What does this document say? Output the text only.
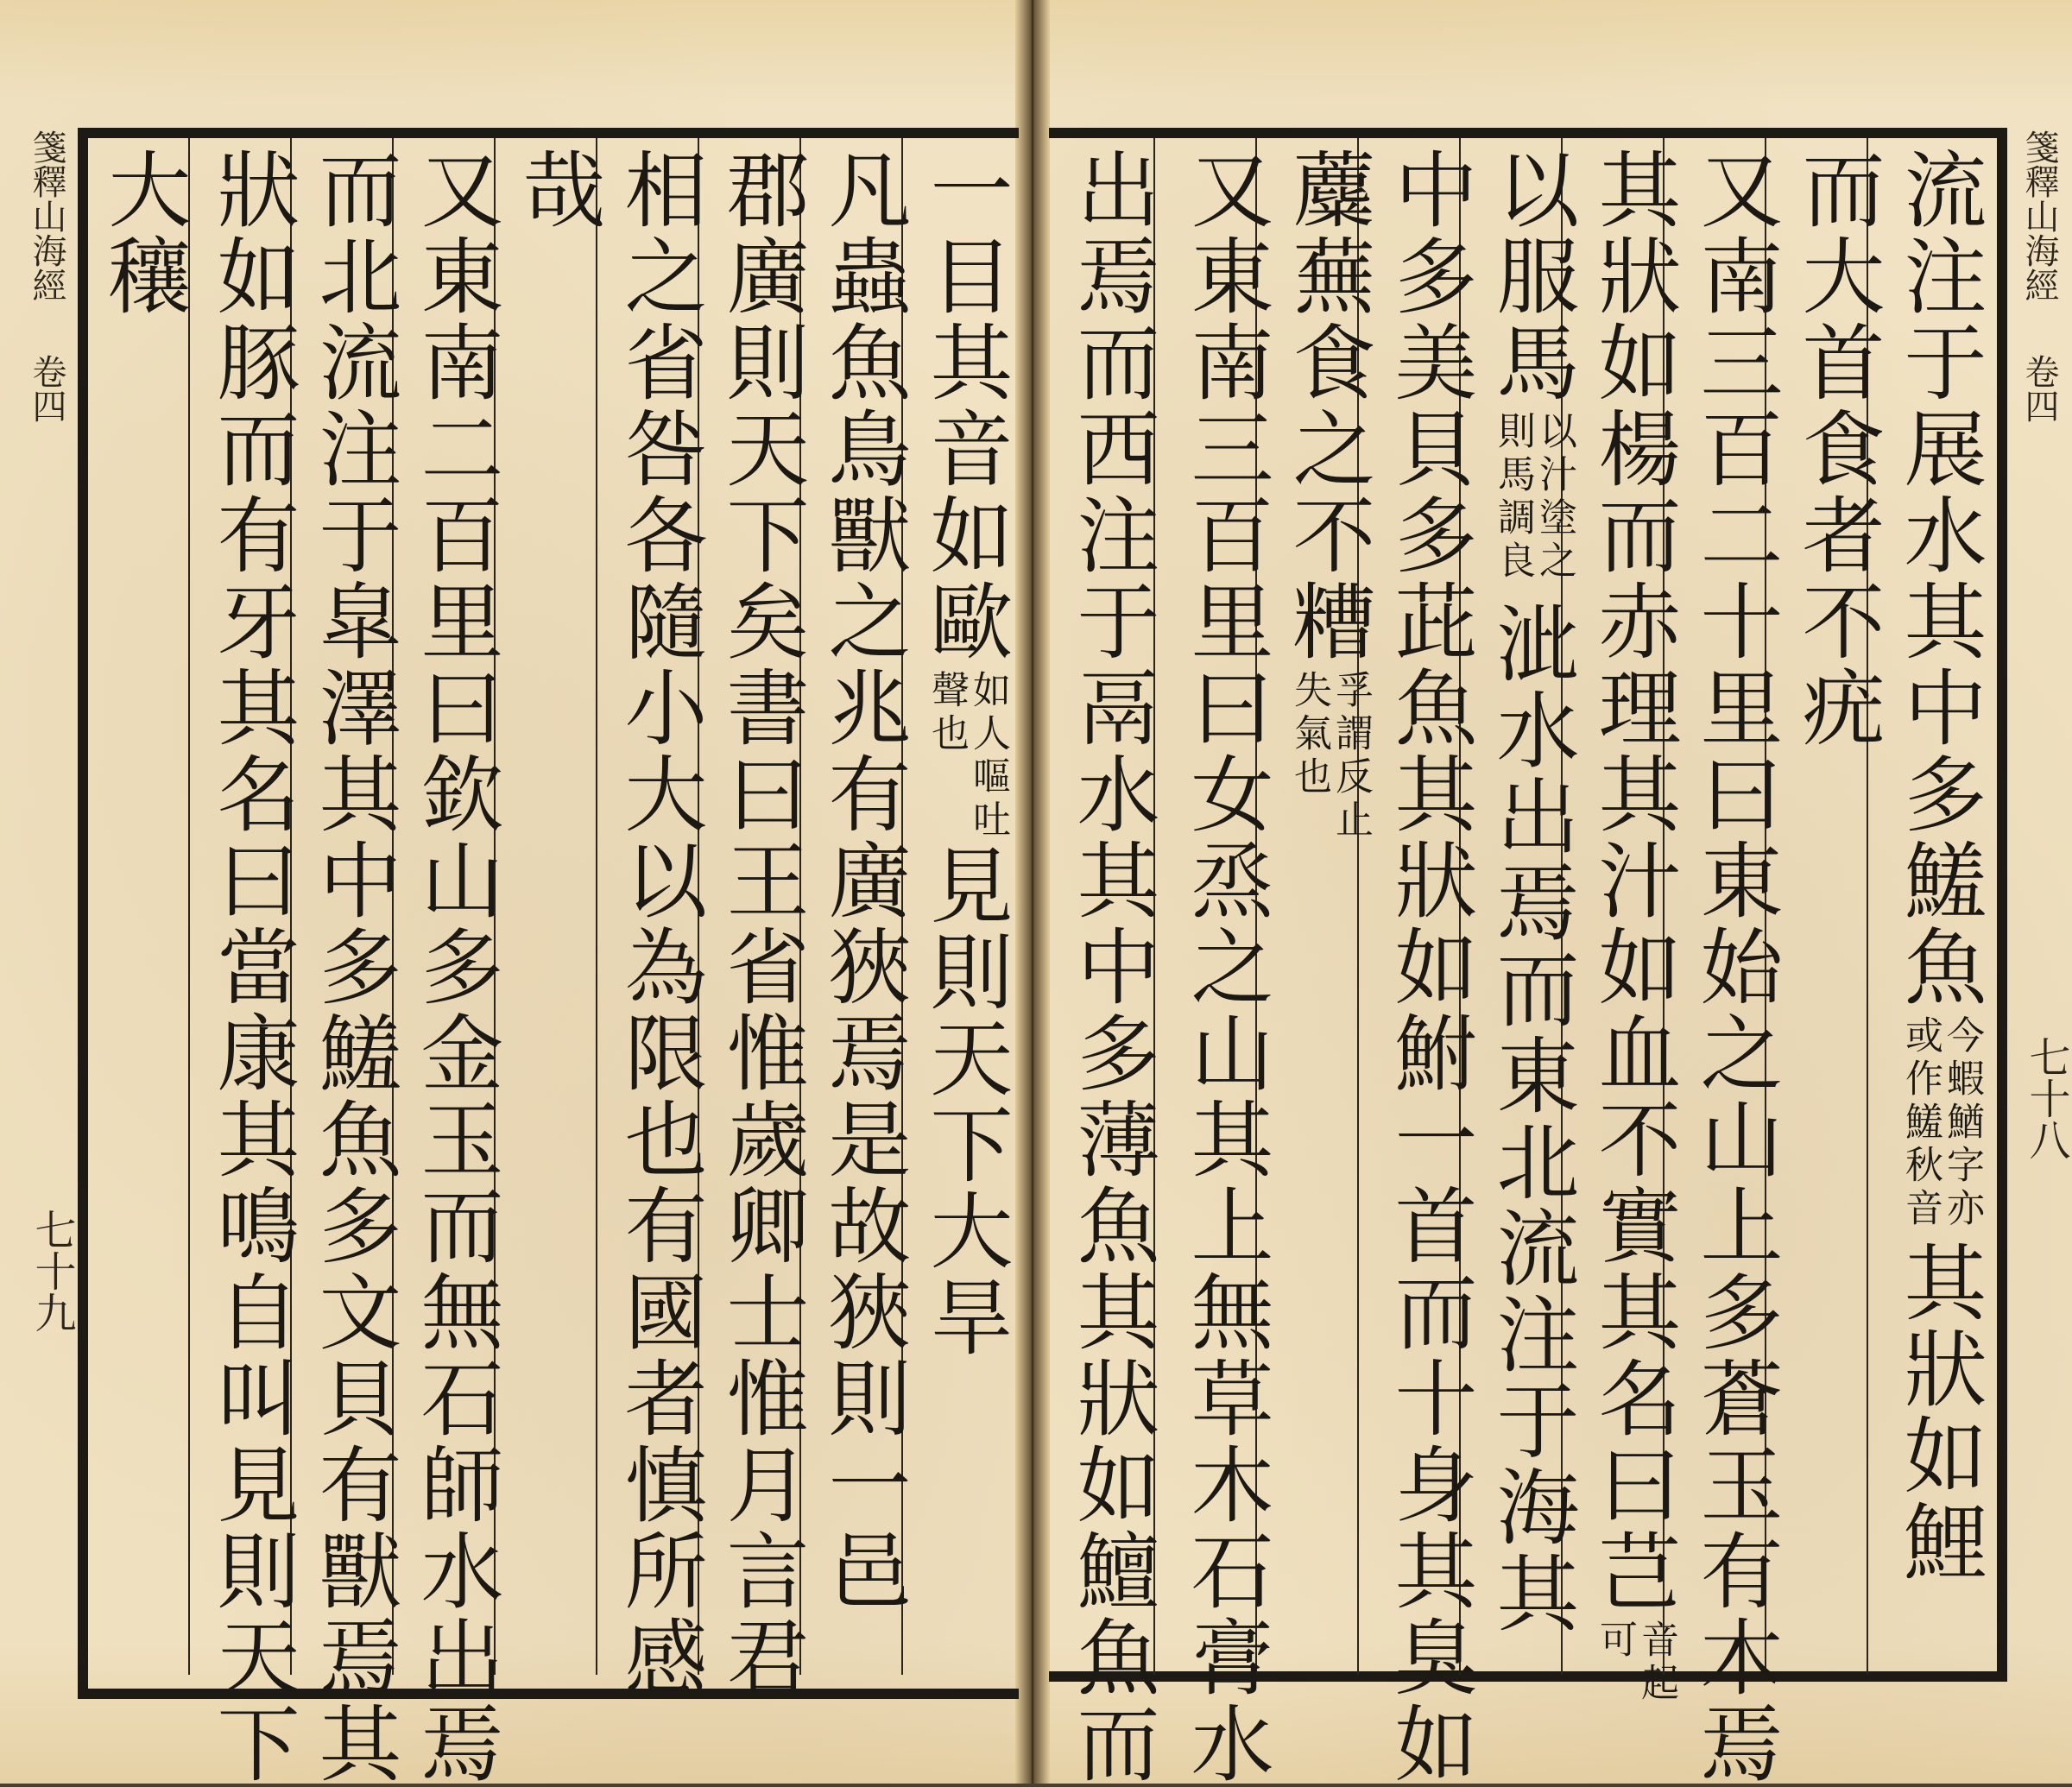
箋釋山海經
卷四
七十九
箋釋山海經
卷四
七十八
一目其音如歐
如人嘔吐聲也
見則天下大旱
凡蟲魚鳥獸之兆有廣狹焉是故狹則一邑
郡廣則天下矣書曰王省惟歲卿士惟月言君
相之省咎各隨小大以為限也有國者慎所感
哉
又東南二百里曰欽山多金玉而無石師水出焉
而北流注于皐澤其中多鱃魚多文貝有獸焉其
狀如豚而有牙其名曰當康其鳴自叫見則天下
大穰	流注于展水其中多鱃魚
今蝦鰌字亦或作鱃秋音
其狀如鯉
而大首食者不疣
又南三百二十里曰東始之山上多蒼玉有木焉
其狀如楊而赤理其汁如血不實其名曰芑
音起可
以服馬
以汁塗之則馬調良
泚水出焉而東北流注于海其
中多美貝多茈魚其狀如鮒一首而十身其臭如
蘪蕪食之不糟
孚謂反止失氣也
又東南三百里曰女烝之山其上無草木石膏水
出焉而西注于鬲水其中多薄魚其狀如鱣魚而
